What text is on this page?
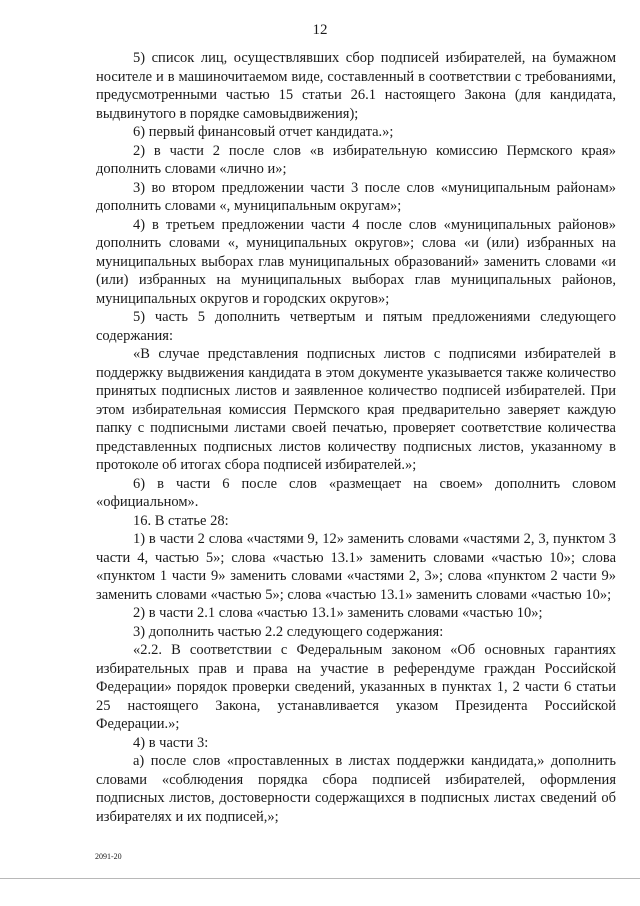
12

5) список лиц, осуществлявших сбор подписей избирателей, на бумажном носителе и в машиночитаемом виде, составленный в соответствии с требованиями, предусмотренными частью 15 статьи 26.1 настоящего Закона (для кандидата, выдвинутого в порядке самовыдвижения);

6) первый финансовый отчет кандидата.»;

2) в части 2 после слов «в избирательную комиссию Пермского края» дополнить словами «лично и»;

3) во втором предложении части 3 после слов «муниципальным районам» дополнить словами «, муниципальным округам»;

4) в третьем предложении части 4 после слов «муниципальных районов» дополнить словами «, муниципальных округов»; слова «и (или) избранных на муниципальных выборах глав муниципальных образований» заменить словами «и (или) избранных на муниципальных выборах глав муниципальных районов, муниципальных округов и городских округов»;

5) часть 5 дополнить четвертым и пятым предложениями следующего содержания:

«В случае представления подписных листов с подписями избирателей в поддержку выдвижения кандидата в этом документе указывается также количество принятых подписных листов и заявленное количество подписей избирателей. При этом избирательная комиссия Пермского края предварительно заверяет каждую папку с подписными листами своей печатью, проверяет соответствие количества представленных подписных листов количеству подписных листов, указанному в протоколе об итогах сбора подписей избирателей.»;

6) в части 6 после слов «размещает на своем» дополнить словом «официальном».

16. В статье 28:

1) в части 2 слова «частями 9, 12» заменить словами «частями 2, 3, пунктом 3 части 4, частью 5»; слова «частью 13.1» заменить словами «частью 10»; слова «пунктом 1 части 9» заменить словами «частями 2, 3»; слова «пунктом 2 части 9» заменить словами «частью 5»; слова «частью 13.1» заменить словами «частью 10»;

2) в части 2.1 слова «частью 13.1» заменить словами «частью 10»;

3) дополнить частью 2.2 следующего содержания:

«2.2. В соответствии с Федеральным законом «Об основных гарантиях избирательных прав и права на участие в референдуме граждан Российской Федерации» порядок проверки сведений, указанных в пунктах 1, 2 части 6 статьи 25 настоящего Закона, устанавливается указом Президента Российской Федерации.»;

4) в части 3:

а) после слов «проставленных в листах поддержки кандидата,» дополнить словами «соблюдения порядка сбора подписей избирателей, оформления подписных листов, достоверности содержащихся в подписных листах сведений об избирателях и их подписей,»;

2091-20
